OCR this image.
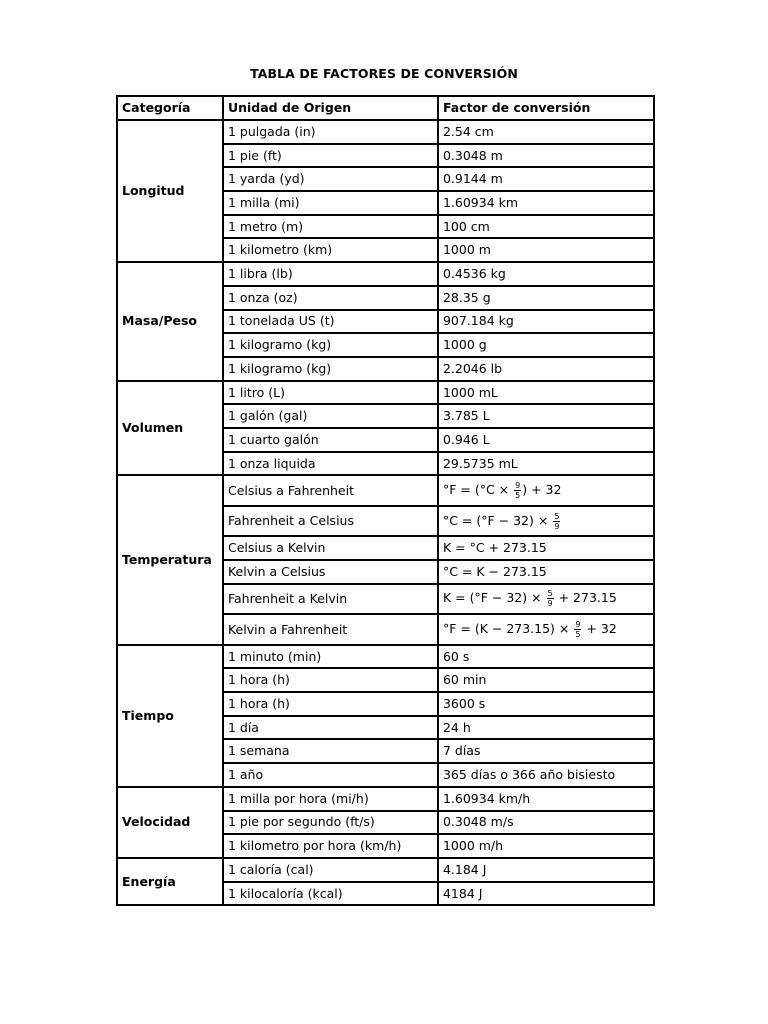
TABLA DE FACTORES DE CONVERSIÓN
Categoría	Unidad de Origen	Factor de conversión
Longitud	1 pulgada (in)	2.54 cm
	1 pie (ft)	0.3048 m
	1 yarda (yd)	0.9144 m
	1 milla (mi)	1.60934 km
	1 metro (m)	100 cm
	1 kilometro (km)	1000 m
Masa/Peso	1 libra (lb)	0.4536 kg
	1 onza (oz)	28.35 g
	1 tonelada US (t)	907.184 kg
	1 kilogramo (kg)	1000 g
	1 kilogramo (kg)	2.2046 lb
Volumen	1 litro (L)	1000 mL
	1 galón (gal)	3.785 L
	1 cuarto galón	0.946 L
	1 onza liquida	29.5735 mL
Temperatura	Celsius a Fahrenheit	$^\circ F = (^\circ C \times \frac{9}{5}$ ) + 32
	Fahrenheit a Celsius	$^\circ C = (^\circ F - 32) \times \frac{5}{9}$

	Celsius a Kelvin	K = °C + 273.15
	Kelvin a Celsius	°C = K − 273.15
	Fahrenheit a Kelvin	$K = (^\circ F - 32) \times \frac{5}{9} + 273.15$
	Kelvin a Fahrenheit	$^\circ F = (K - 273.15) \times \frac{9}{5} + 32$
Tiempo	1 minuto (min)	60 s
	1 hora (h)	60 min
	1 hora (h)	3600 s
	1 día	24 h
	1 semana	7 días
	1 año	365 días o 366 año bisiesto
Velocidad	1 milla por hora (mi/h)	1.60934 km/h
	1 pie por segundo (ft/s)	0.3048 m/s
	1 kilometro por hora (km/h)	1000 m/h
Energía	1 caloría (cal)	4.184 J
	1 kilocaloría (kcal)	4184 J
